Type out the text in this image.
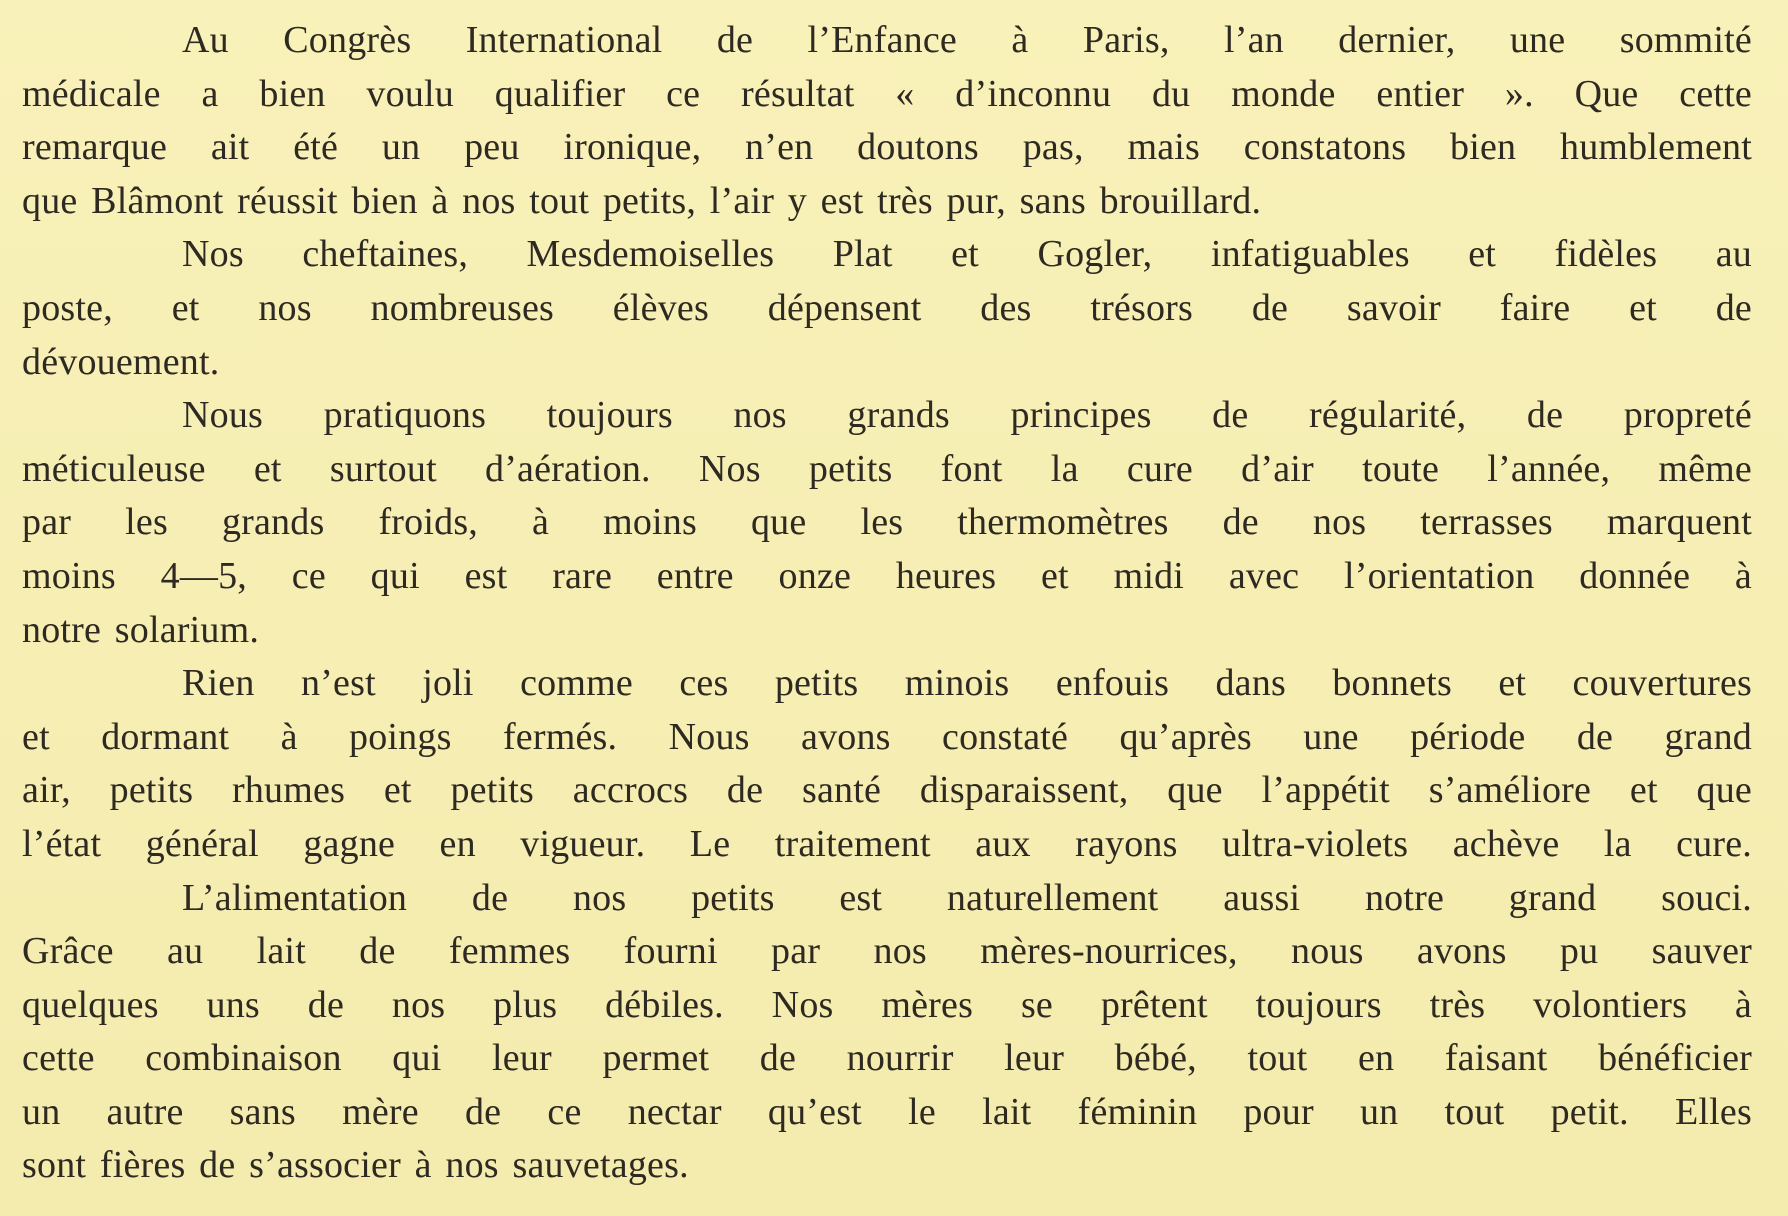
Au Congrès International de l’Enfance à Paris, l’an dernier, une sommité
médicale a bien voulu qualifier ce résultat « d’inconnu du monde entier ». Que cette
remarque ait été un peu ironique, n’en doutons pas, mais constatons bien humblement
que Blâmont réussit bien à nos tout petits, l’air y est très pur, sans brouillard.
Nos cheftaines, Mesdemoiselles Plat et Gogler, infatiguables et fidèles au
poste, et nos nombreuses élèves dépensent des trésors de savoir faire et de
dévouement.
Nous pratiquons toujours nos grands principes de régularité, de propreté
méticuleuse et surtout d’aération. Nos petits font la cure d’air toute l’année, même
par les grands froids, à moins que les thermomètres de nos terrasses marquent
moins 4—5, ce qui est rare entre onze heures et midi avec l’orientation donnée à
notre solarium.
Rien n’est joli comme ces petits minois enfouis dans bonnets et couvertures
et dormant à poings fermés. Nous avons constaté qu’après une période de grand
air, petits rhumes et petits accrocs de santé disparaissent, que l’appétit s’améliore et que
l’état général gagne en vigueur. Le traitement aux rayons ultra-violets achève la cure.
L’alimentation de nos petits est naturellement aussi notre grand souci.
Grâce au lait de femmes fourni par nos mères-nourrices, nous avons pu sauver
quelques uns de nos plus débiles. Nos mères se prêtent toujours très volontiers à
cette combinaison qui leur permet de nourrir leur bébé, tout en faisant bénéficier
un autre sans mère de ce nectar qu’est le lait féminin pour un tout petit. Elles
sont fières de s’associer à nos sauvetages.
